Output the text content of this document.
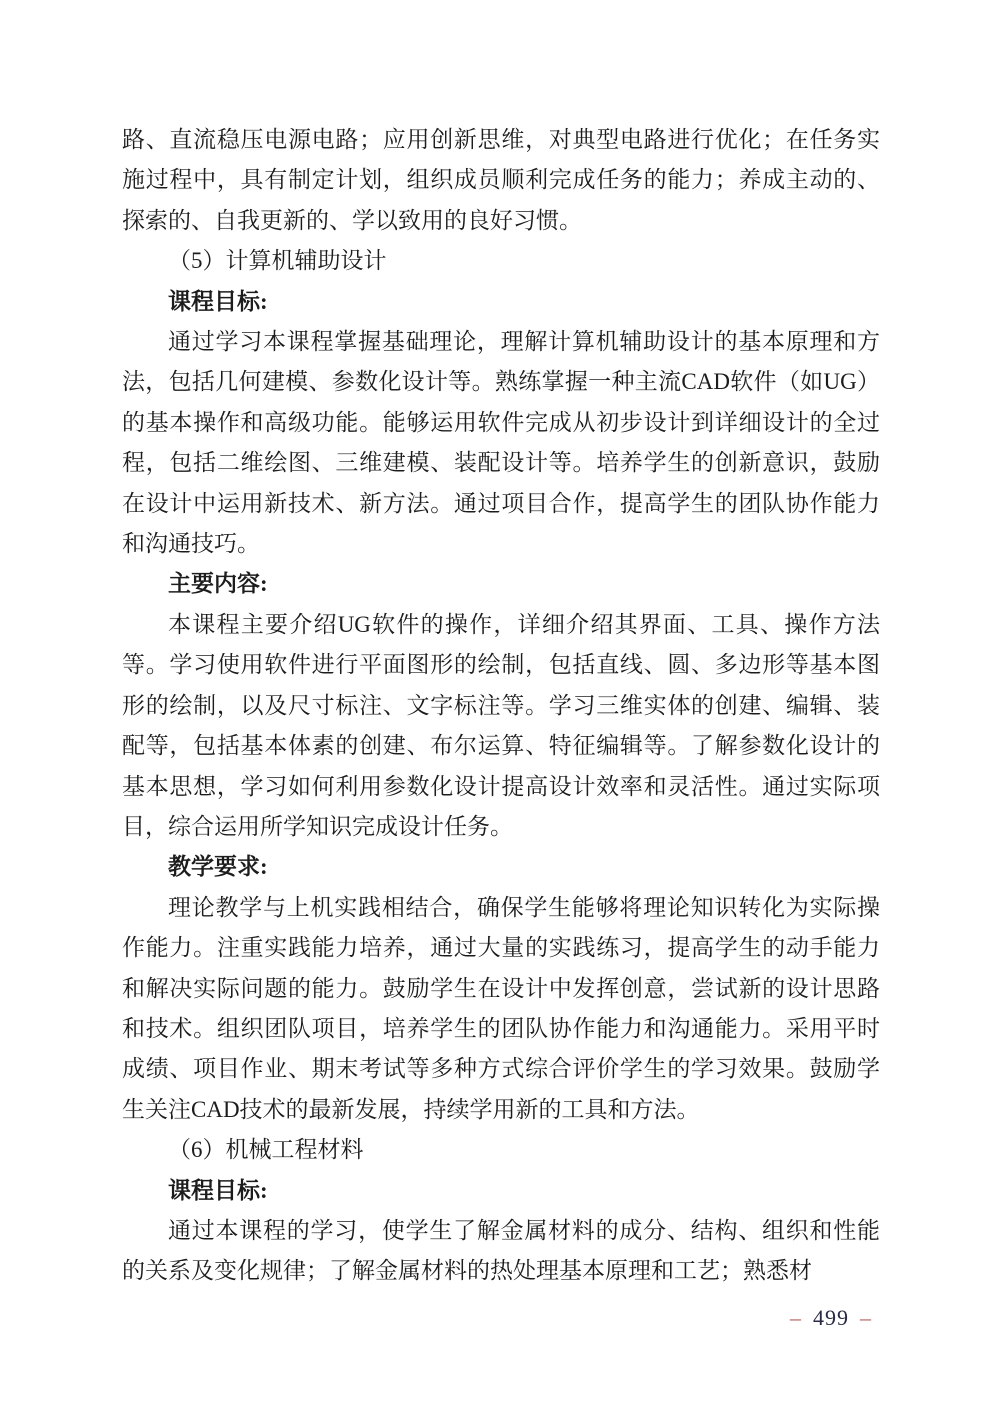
路、直流稳压电源电路；应用创新思维，对典型电路进行优化；在任务实施过程中，具有制定计划，组织成员顺利完成任务的能力；养成主动的、探索的、自我更新的、学以致用的良好习惯。

（5）计算机辅助设计

课程目标:

通过学习本课程掌握基础理论，理解计算机辅助设计的基本原理和方法，包括几何建模、参数化设计等。熟练掌握一种主流CAD软件（如UG）的基本操作和高级功能。能够运用软件完成从初步设计到详细设计的全过程，包括二维绘图、三维建模、装配设计等。培养学生的创新意识，鼓励在设计中运用新技术、新方法。通过项目合作，提高学生的团队协作能力和沟通技巧。

主要内容:

本课程主要介绍UG软件的操作，详细介绍其界面、工具、操作方法等。学习使用软件进行平面图形的绘制，包括直线、圆、多边形等基本图形的绘制，以及尺寸标注、文字标注等。学习三维实体的创建、编辑、装配等，包括基本体素的创建、布尔运算、特征编辑等。了解参数化设计的基本思想，学习如何利用参数化设计提高设计效率和灵活性。通过实际项目，综合运用所学知识完成设计任务。

教学要求:

理论教学与上机实践相结合，确保学生能够将理论知识转化为实际操作能力。注重实践能力培养，通过大量的实践练习，提高学生的动手能力和解决实际问题的能力。鼓励学生在设计中发挥创意，尝试新的设计思路和技术。组织团队项目，培养学生的团队协作能力和沟通能力。采用平时成绩、项目作业、期末考试等多种方式综合评价学生的学习效果。鼓励学生关注CAD技术的最新发展，持续学用新的工具和方法。

（6）机械工程材料

课程目标:

通过本课程的学习，使学生了解金属材料的成分、结构、组织和性能的关系及变化规律；了解金属材料的热处理基本原理和工艺；熟悉材

– 499 –
